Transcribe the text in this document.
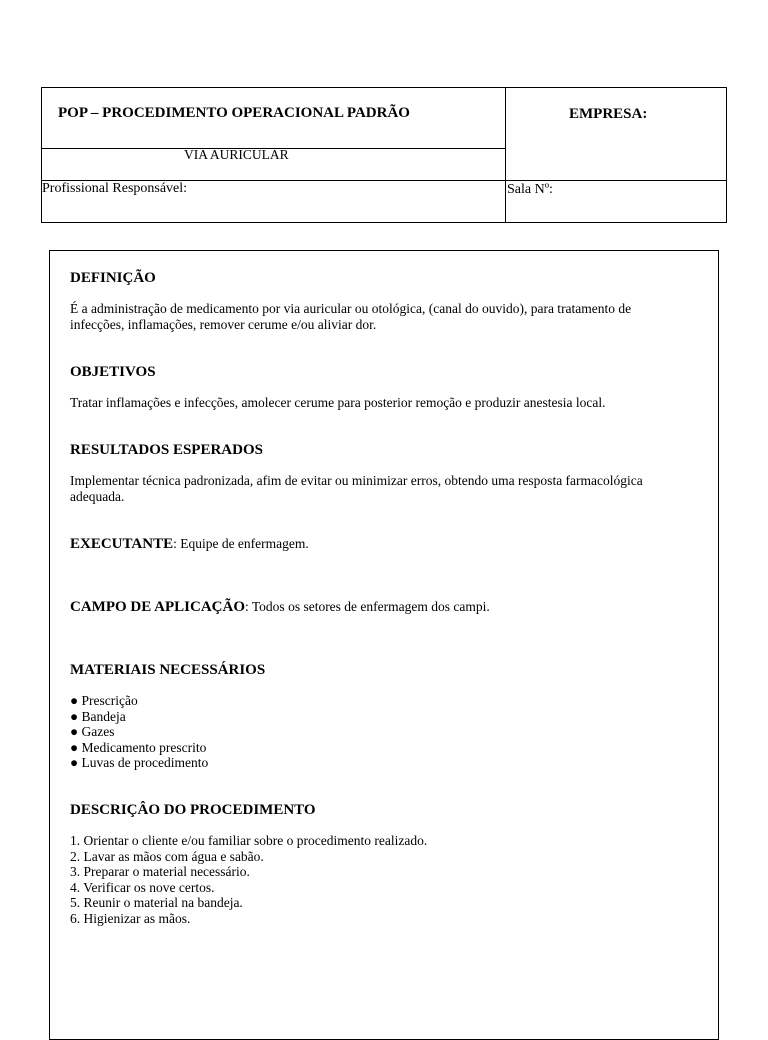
POP – PROCEDIMENTO OPERACIONAL PADRÃO	EMPRESA:
VIA AURICULAR
Profissional Responsável:	Sala Nº:
DEFINIÇÃO
É a administração de medicamento por via auricular ou otológica, (canal do ouvido), para tratamento de infecções, inflamações, remover cerume e/ou aliviar dor.
OBJETIVOS
Tratar inflamações e infecções, amolecer cerume para posterior remoção e produzir anestesia local.
RESULTADOS ESPERADOS
Implementar técnica padronizada, afim de evitar ou minimizar erros, obtendo uma resposta farmacológica adequada.
EXECUTANTE: Equipe de enfermagem.
CAMPO DE APLICAÇÃO: Todos os setores de enfermagem dos campi.
MATERIAIS NECESSÁRIOS
● Prescrição
● Bandeja
● Gazes
● Medicamento prescrito
● Luvas de procedimento
DESCRIÇÂO DO PROCEDIMENTO
1. Orientar o cliente e/ou familiar sobre o procedimento realizado.
2. Lavar as mãos com água e sabão.
3. Preparar o material necessário.
4. Verificar os nove certos.
5. Reunir o material na bandeja.
6. Higienizar as mãos.
